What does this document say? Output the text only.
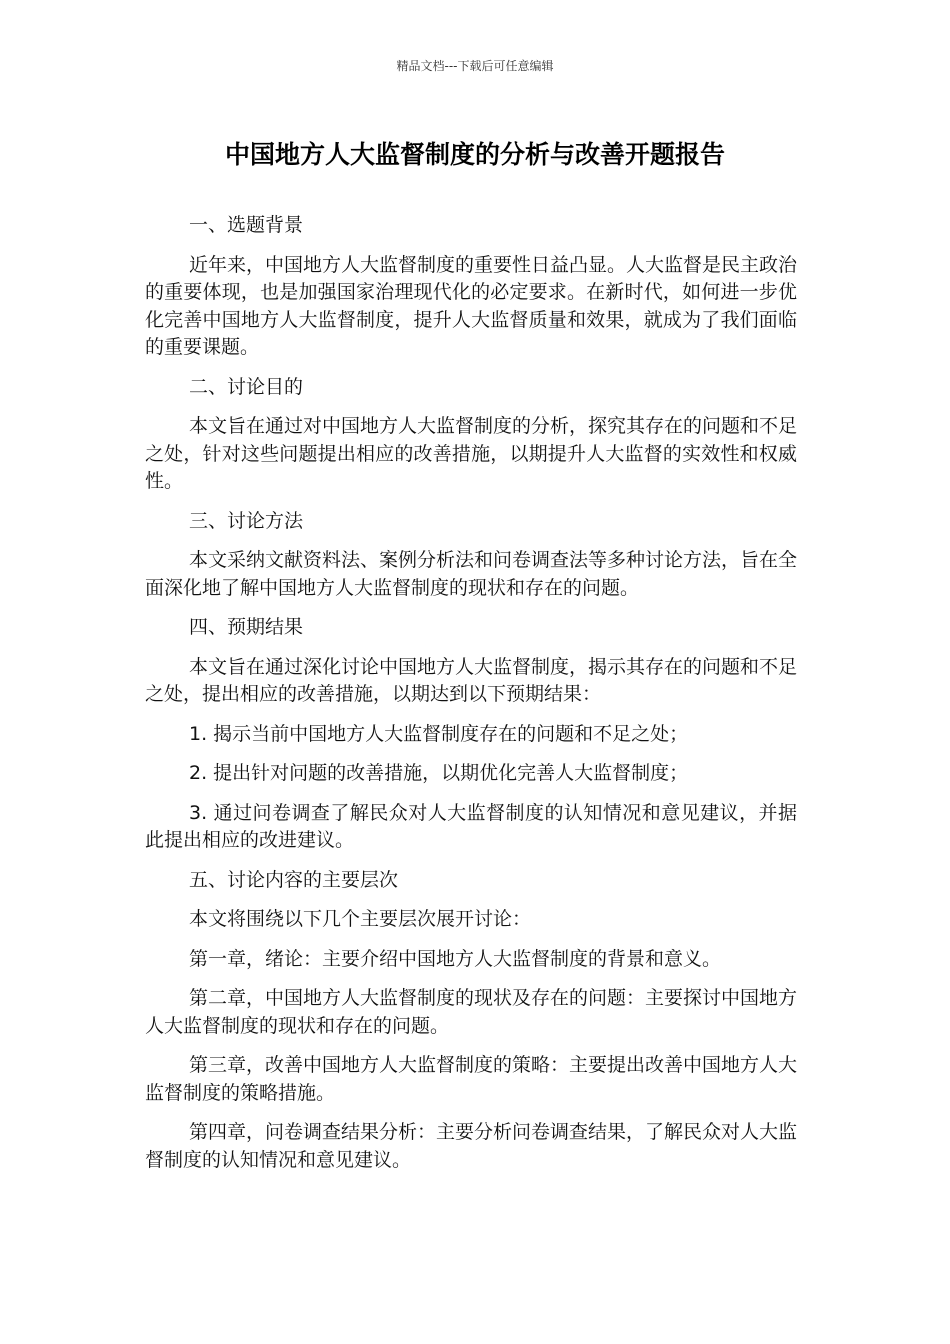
精品文档---下载后可任意编辑
中国地方人大监督制度的分析与改善开题报告

一、选题背景

近年来，中国地方人大监督制度的重要性日益凸显。人大监督是民主政治的重要体现，也是加强国家治理现代化的必定要求。在新时代，如何进一步优化完善中国地方人大监督制度，提升人大监督质量和效果，就成为了我们面临的重要课题。

二、讨论目的

本文旨在通过对中国地方人大监督制度的分析，探究其存在的问题和不足之处，针对这些问题提出相应的改善措施，以期提升人大监督的实效性和权威性。

三、讨论方法

本文采纳文献资料法、案例分析法和问卷调查法等多种讨论方法，旨在全面深化地了解中国地方人大监督制度的现状和存在的问题。

四、预期结果

本文旨在通过深化讨论中国地方人大监督制度，揭示其存在的问题和不足之处，提出相应的改善措施，以期达到以下预期结果：

1. 揭示当前中国地方人大监督制度存在的问题和不足之处；

2. 提出针对问题的改善措施，以期优化完善人大监督制度；

3. 通过问卷调查了解民众对人大监督制度的认知情况和意见建议，并据此提出相应的改进建议。

五、讨论内容的主要层次

本文将围绕以下几个主要层次展开讨论：

第一章，绪论：主要介绍中国地方人大监督制度的背景和意义。

第二章，中国地方人大监督制度的现状及存在的问题：主要探讨中国地方人大监督制度的现状和存在的问题。

第三章，改善中国地方人大监督制度的策略：主要提出改善中国地方人大监督制度的策略措施。

第四章，问卷调查结果分析：主要分析问卷调查结果，了解民众对人大监督制度的认知情况和意见建议。
